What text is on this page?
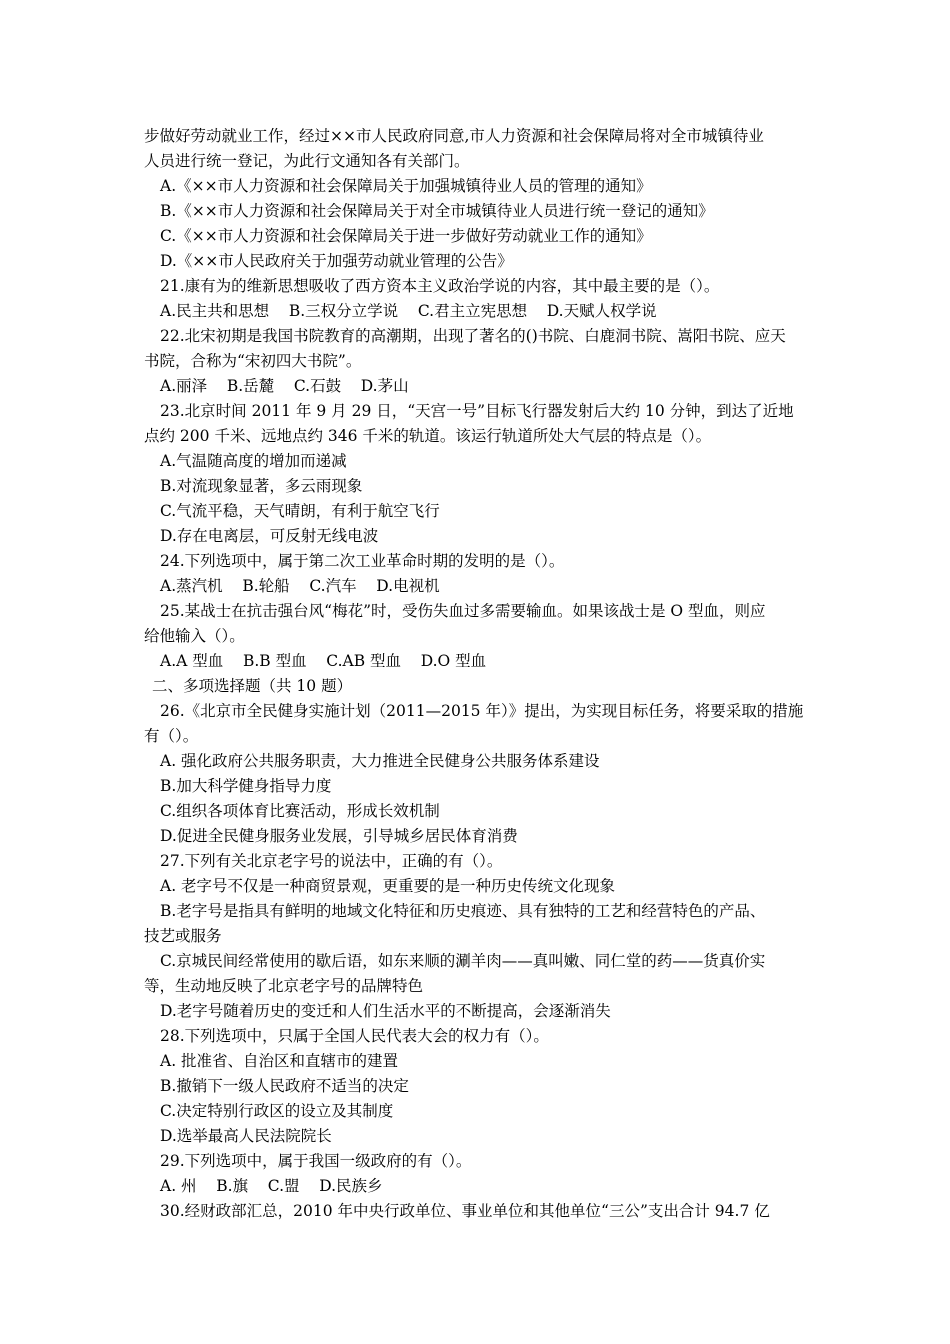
步做好劳动就业工作，经过××市人民政府同意,市人力资源和社会保障局将对全市城镇待业
人员进行统一登记，为此行文通知各有关部门。
A.《××市人力资源和社会保障局关于加强城镇待业人员的管理的通知》
B.《××市人力资源和社会保障局关于对全市城镇待业人员进行统一登记的通知》
C.《××市人力资源和社会保障局关于进一步做好劳动就业工作的通知》
D.《××市人民政府关于加强劳动就业管理的公告》
21.康有为的维新思想吸收了西方资本主义政治学说的内容，其中最主要的是（）。
A.民主共和思想    B.三权分立学说    C.君主立宪思想    D.天赋人权学说
22.北宋初期是我国书院教育的高潮期，出现了著名的()书院、白鹿洞书院、嵩阳书院、应天
书院，合称为“宋初四大书院”。
A.丽泽    B.岳麓    C.石鼓    D.茅山
23.北京时间 2011 年 9 月 29 日，“天宫一号”目标飞行器发射后大约 10 分钟，到达了近地
点约 200 千米、远地点约 346 千米的轨道。该运行轨道所处大气层的特点是（）。
A.气温随高度的增加而递减
B.对流现象显著，多云雨现象
C.气流平稳，天气晴朗，有利于航空飞行
D.存在电离层，可反射无线电波
24.下列选项中，属于第二次工业革命时期的发明的是（）。
A.蒸汽机    B.轮船    C.汽车    D.电视机
25.某战士在抗击强台风“梅花”时，受伤失血过多需要输血。如果该战士是 O 型血，则应
给他输入（）。
A.A 型血    B.B 型血    C.AB 型血    D.O 型血
二、多项选择题（共 10 题）
26.《北京市全民健身实施计划（2011—2015 年）》提出，为实现目标任务，将要采取的措施
有（）。
A. 强化政府公共服务职责，大力推进全民健身公共服务体系建设
B.加大科学健身指导力度
C.组织各项体育比赛活动，形成长效机制
D.促进全民健身服务业发展，引导城乡居民体育消费
27.下列有关北京老字号的说法中，正确的有（）。
A. 老字号不仅是一种商贸景观，更重要的是一种历史传统文化现象
B.老字号是指具有鲜明的地域文化特征和历史痕迹、具有独特的工艺和经营特色的产品、
技艺或服务
C.京城民间经常使用的歇后语，如东来顺的涮羊肉——真叫嫩、同仁堂的药——货真价实
等，生动地反映了北京老字号的品牌特色
D.老字号随着历史的变迁和人们生活水平的不断提高，会逐渐消失
28.下列选项中，只属于全国人民代表大会的权力有（）。
A. 批准省、自治区和直辖市的建置
B.撤销下一级人民政府不适当的决定
C.决定特别行政区的设立及其制度
D.选举最高人民法院院长
29.下列选项中，属于我国一级政府的有（）。
A. 州    B.旗    C.盟    D.民族乡
30.经财政部汇总，2010 年中央行政单位、事业单位和其他单位“三公”支出合计 94.7 亿
